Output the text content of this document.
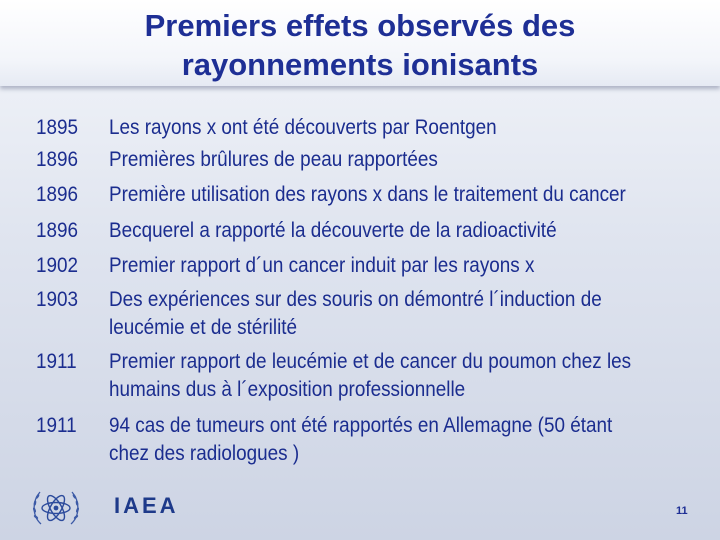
Premiers effets observés des
rayonnements ionisants
1895	Les rayons x ont été découverts par Roentgen
1896	Premières brûlures de peau rapportées
1896	Première utilisation des rayons x dans le traitement du cancer
1896	Becquerel a rapporté la découverte de la radioactivité
1902	Premier rapport d´un cancer induit par les rayons x
1903	Des expériences sur des souris on démontré l´induction de
leucémie et de stérilité
1911	Premier rapport de leucémie et de cancer du poumon chez les
humains dus à l´exposition professionnelle
1911	94 cas de tumeurs ont été rapportés en Allemagne (50 étant
chez des radiologues )
IAEA	11
